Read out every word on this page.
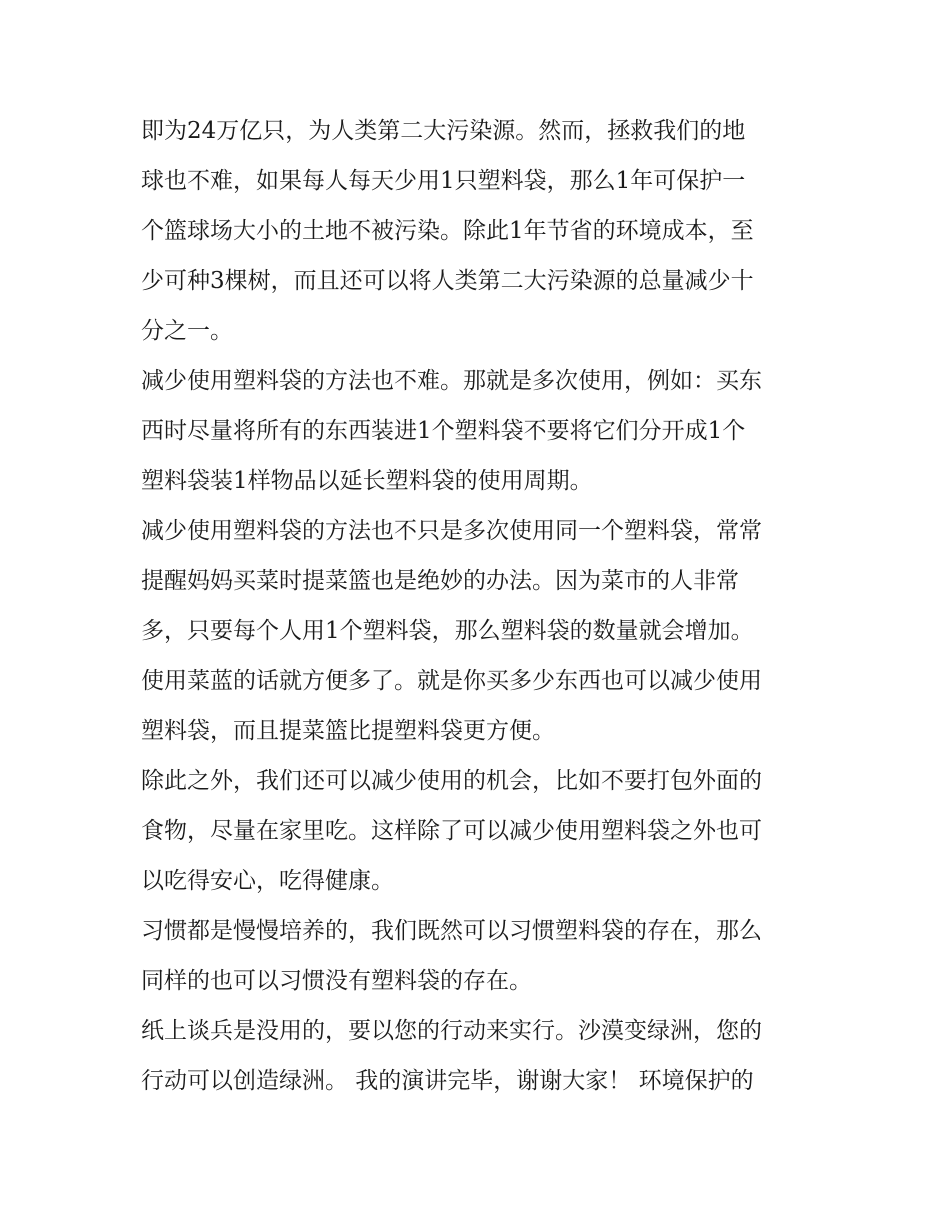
即为24万亿只，为人类第二大污染源。然而，拯救我们的地
球也不难，如果每人每天少用1只塑料袋，那么1年可保护一
个篮球场大小的土地不被污染。除此1年节省的环境成本，至
少可种3棵树，而且还可以将人类第二大污染源的总量减少十
分之一。
减少使用塑料袋的方法也不难。那就是多次使用，例如：买东
西时尽量将所有的东西装进1个塑料袋不要将它们分开成1个
塑料袋装1样物品以延长塑料袋的使用周期。
减少使用塑料袋的方法也不只是多次使用同一个塑料袋，常常
提醒妈妈买菜时提菜篮也是绝妙的办法。因为菜市的人非常
多，只要每个人用1个塑料袋，那么塑料袋的数量就会增加。
使用菜蓝的话就方便多了。就是你买多少东西也可以减少使用
塑料袋，而且提菜篮比提塑料袋更方便。
除此之外，我们还可以减少使用的机会，比如不要打包外面的
食物，尽量在家里吃。这样除了可以减少使用塑料袋之外也可
以吃得安心，吃得健康。
习惯都是慢慢培养的，我们既然可以习惯塑料袋的存在，那么
同样的也可以习惯没有塑料袋的存在。
纸上谈兵是没用的，要以您的行动来实行。沙漠变绿洲，您的
行动可以创造绿洲。 我的演讲完毕，谢谢大家！ 环境保护的
